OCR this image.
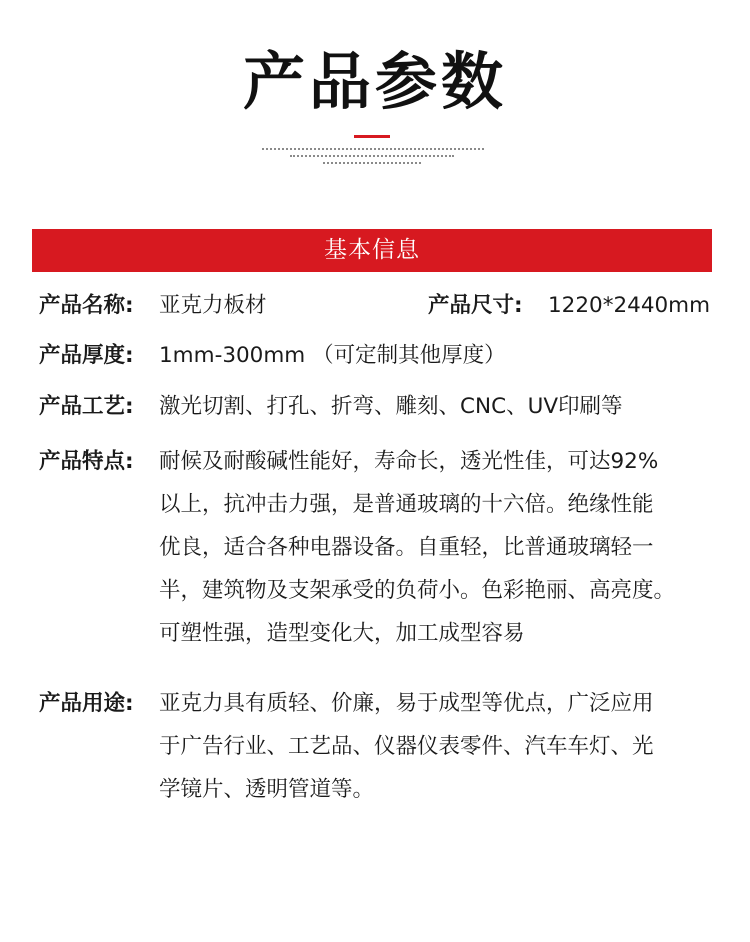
产品参数
基本信息
产品名称: 亚克力板材	产品尺寸: 1220*2440mm
产品厚度: 1mm-300mm （可定制其他厚度）
产品工艺: 激光切割、打孔、折弯、雕刻、CNC、UV印刷等
产品特点: 耐候及耐酸碱性能好，寿命长，透光性佳，可达92%
以上，抗冲击力强，是普通玻璃的十六倍。绝缘性能
优良，适合各种电器设备。自重轻，比普通玻璃轻一
半，建筑物及支架承受的负荷小。色彩艳丽、高亮度。
可塑性强，造型变化大，加工成型容易
产品用途: 亚克力具有质轻、价廉，易于成型等优点，广泛应用
于广告行业、工艺品、仪器仪表零件、汽车车灯、光
学镜片、透明管道等。
